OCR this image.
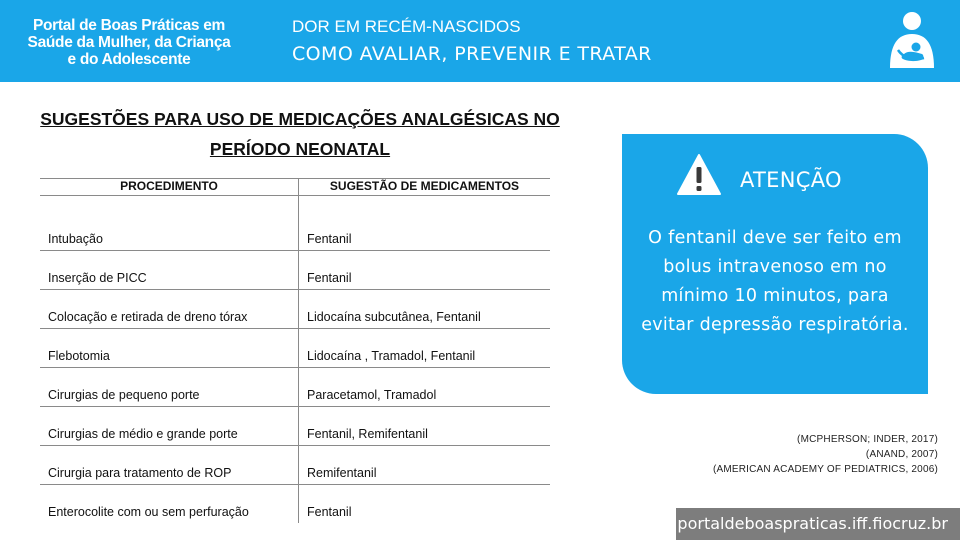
Portal de Boas Práticas em
Saúde da Mulher, da Criança
e do Adolescente
DOR EM RECÉM-NASCIDOS
COMO AVALIAR, PREVENIR E TRATAR
SUGESTÕES PARA USO DE MEDICAÇÕES ANALGÉSICAS NO
PERÍODO NEONATAL
PROCEDIMENTO	SUGESTÃO DE MEDICAMENTOS
Intubação	Fentanil
Inserção de PICC	Fentanil
Colocação e retirada de dreno tórax	Lidocaína subcutânea, Fentanil
Flebotomia	Lidocaína , Tramadol, Fentanil
Cirurgias de pequeno porte	Paracetamol, Tramadol
Cirurgias de médio e grande porte	Fentanil, Remifentanil
Cirurgia para tratamento de ROP	Remifentanil
Enterocolite com ou sem perfuração	Fentanil
ATENÇÃO
O fentanil deve ser feito em bolus intravenoso em no mínimo 10 minutos, para evitar depressão respiratória.
(MCPHERSON; INDER, 2017)
(ANAND, 2007)
(AMERICAN ACADEMY OF PEDIATRICS, 2006)
portaldeboaspraticas.iff.fiocruz.br
